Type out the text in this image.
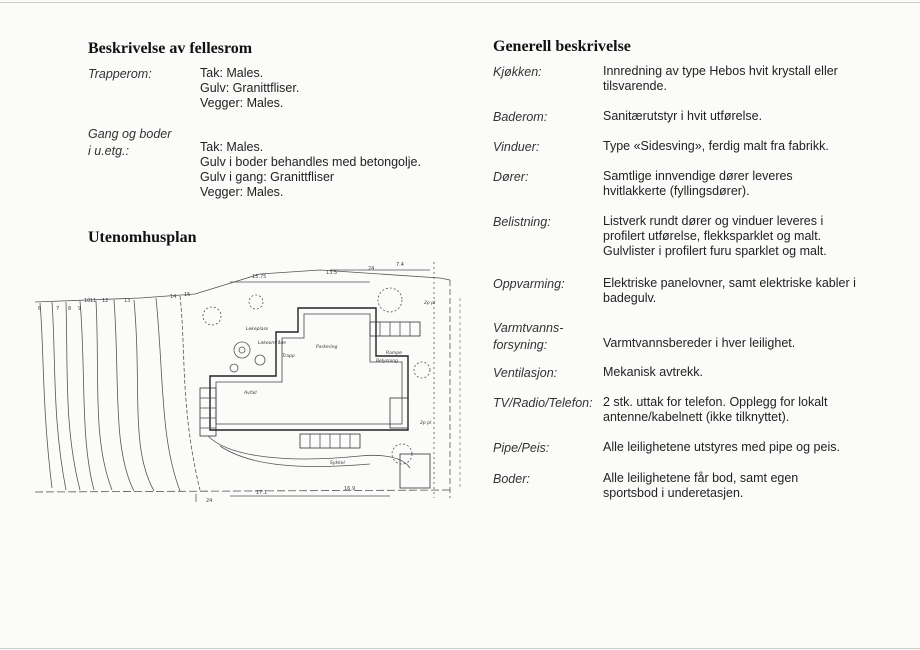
Beskrivelse av fellesrom
Trapperom:	Tak: Males.
Gulv: Granittfliser.
Vegger: Males.
Gang og boder
i u.etg.:	Tak: Males.
Gulv i boder behandles med betongolje.
Gulv i gang: Granittfliser
Vegger: Males.
Utenomhusplan
Lekeplass
Lekeområde
Trapp
Parkering
Rampe
Belysning
Avfall
Sykkel
2p pl
2p pl
15.75
13.5
7.4
17.1
16.9
24
24
11 12	13
14 15
6	7 8 9
10
Generell beskrivelse
Kjøkken:	Innredning av type Hebos hvit krystall eller
tilsvarende.
Baderom:	Sanitærutstyr i hvit utførelse.
Vinduer:	Type «Sidesving», ferdig malt fra fabrikk.
Dører:	Samtlige innvendige dører leveres
hvitlakkerte (fyllingsdører).
Belistning:	Listverk rundt dører og vinduer leveres i
profilert utførelse, flekksparklet og malt.
Gulvlister i profilert furu sparklet og malt.
Oppvarming:	Elektriske panelovner, samt elektriske kabler i
badegulv.
Varmtvanns-
forsyning:	Varmtvannsbereder i hver leilighet.
Ventilasjon:	Mekanisk avtrekk.
TV/Radio/Telefon: 2 stk. uttak for telefon. Opplegg for lokalt
antenne/kabelnett (ikke tilknyttet).
Pipe/Peis:	Alle leilighetene utstyres med pipe og peis.
Boder:	Alle leilighetene får bod, samt egen
sportsbod i underetasjen.
